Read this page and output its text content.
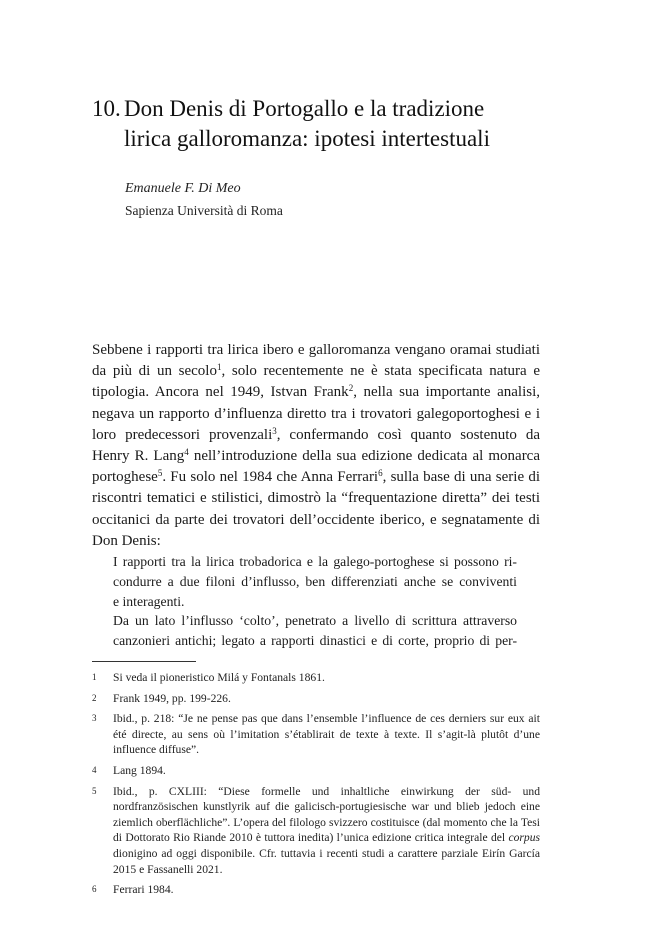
10. Don Denis di Portogallo e la tradizione
lirica galloromanza: ipotesi intertestuali
Emanuele F. Di Meo
Sapienza Università di Roma

Sebbene i rapporti tra lirica ibero e galloromanza vengano oramai studiati da più di un secolo$^1$, solo recentemente ne è stata specificata natura e tipologia. Ancora nel 1949, Istvan Frank$^2$, nella sua importante analisi, negava un rapporto d’influenza diretto tra i trovatori galegoportoghesi e i loro predecessori provenzali$^3$, confermando così quanto sostenuto da Henry R. Lang$^4$ nell’introduzione della sua edizione dedicata al monarca portoghese$^5$. Fu solo nel 1984 che Anna Ferrari$^6$, sulla base di una serie di riscontri tematici e stilistici, dimostrò la “frequentazione diretta” dei testi occitanici da parte dei trovatori dell’occidente iberico, e segnatamente di Don Denis:

I rapporti tra la lirica trobadorica e la galego-portoghese si possono ri-
condurre a due filoni d’influsso, ben differenziati anche se conviventi
e interagenti.
Da un lato l’influsso ‘colto’, penetrato a livello di scrittura attraverso
canzonieri antichi; legato a rapporti dinastici e di corte, proprio di per-
1	Si veda il pioneristico Milá y Fontanals 1861.
2	Frank 1949, pp. 199-226.
3	Ibid., p. 218: “Je ne pense pas que dans l’ensemble l’influence de ces derniers sur eux ait été directe, au sens où l’imitation s’établirait de texte à texte. Il s’agit-là plutôt d’une influence diffuse”.
4	Lang 1894.
5	Ibid., p. CXLIII: “Diese formelle und inhaltliche einwirkung der süd- und nordfranzösischen kunstlyrik auf die galicisch-portugiesische war und blieb jedoch eine ziemlich oberflächliche”. L’opera del filologo svizzero costituisce (dal momento che la Tesi di Dottorato Rio Riande 2010 è tuttora inedita) l’unica edizione critica integrale del corpus dionigino ad oggi disponibile. Cfr. tuttavia i recenti studi a carattere parziale Eirín García 2015 e Fassanelli 2021.
6	Ferrari 1984.
